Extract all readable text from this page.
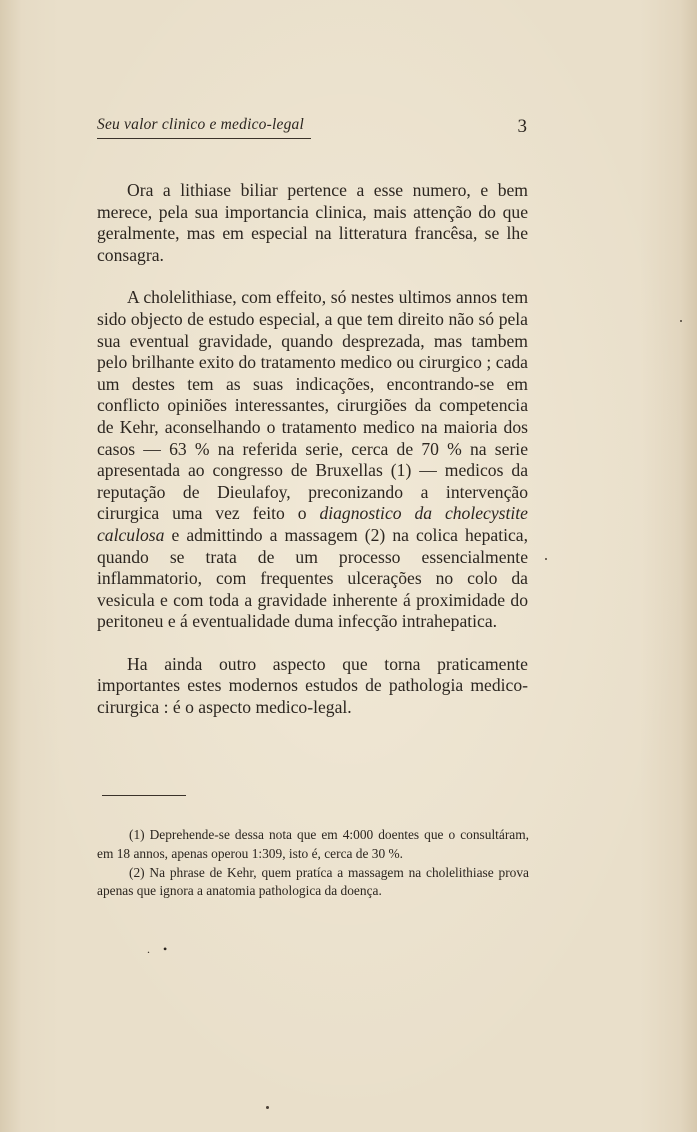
Seu valor clinico e medico-legal	3

Ora a lithiase biliar pertence a esse numero, e bem merece, pela sua importancia clinica, mais attenção do que geralmente, mas em especial na litteratura francêsa, se lhe consagra.

A cholelithiase, com effeito, só nestes ultimos annos tem sido objecto de estudo especial, a que tem direito não só pela sua eventual gravidade, quando desprezada, mas tambem pelo brilhante exito do tratamento medico ou cirurgico ; cada um destes tem as suas indicações, encontrando-se em conflicto opiniões interessantes, cirurgiões da competencia de Kehr, aconselhando o tratamento medico na maioria dos casos — 63 % na referida serie, cerca de 70 % na serie apresentada ao congresso de Bruxellas (1) — medicos da reputação de Dieulafoy, preconizando a intervenção cirurgica uma vez feito o diagnostico da cholecystite calculosa e admittindo a massagem (2) na colica hepatica, quando se trata de um processo essencialmente inflammatorio, com frequentes ulcerações no colo da vesicula e com toda a gravidade inherente á proximidade do peritoneu e á eventualidade duma infecção intrahepatica.

Ha ainda outro aspecto que torna praticamente importantes estes modernos estudos de pathologia medico-cirurgica : é o aspecto medico-legal.

(1) Deprehende-se dessa nota que em 4:000 doentes que o consultáram, em 18 annos, apenas operou 1:309, isto é, cerca de 30 %.

(2) Na phrase de Kehr, quem pratíca a massagem na cholelithiase prova apenas que ignora a anatomia pathologica da doença.

. •
